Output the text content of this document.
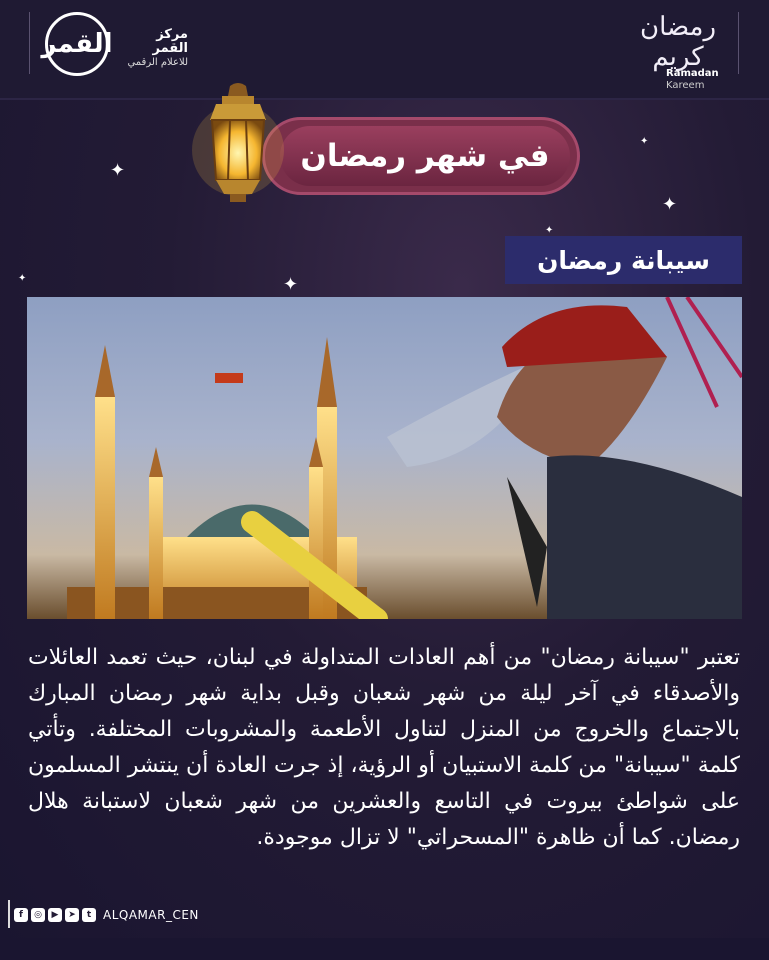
القمر	مركز القمر
للاعلام الرقمي
رمضان كريم
Ramadan
Kareem
✦
✦
✦
✦
✦
✦
في شهر رمضان
سيبانة رمضان
تعتبر "سيبانة رمضان" من أهم العادات المتداولة في لبنان، حيث تعمد العائلات والأصدقاء في آخر ليلة من شهر شعبان وقبل بداية شهر رمضان المبارك بالاجتماع والخروج من المنزل لتناول الأطعمة والمشروبات المختلفة. وتأتي كلمة "سيبانة" من كلمة الاستبيان أو الرؤية، إذ جرت العادة أن ينتشر المسلمون على شواطئ بيروت في التاسع والعشرين من شهر شعبان لاستبانة هلال رمضان. كما أن ظاهرة "المسحراتي" لا تزال موجودة.
f	◎	▶	➤	t ALQAMAR_CEN
